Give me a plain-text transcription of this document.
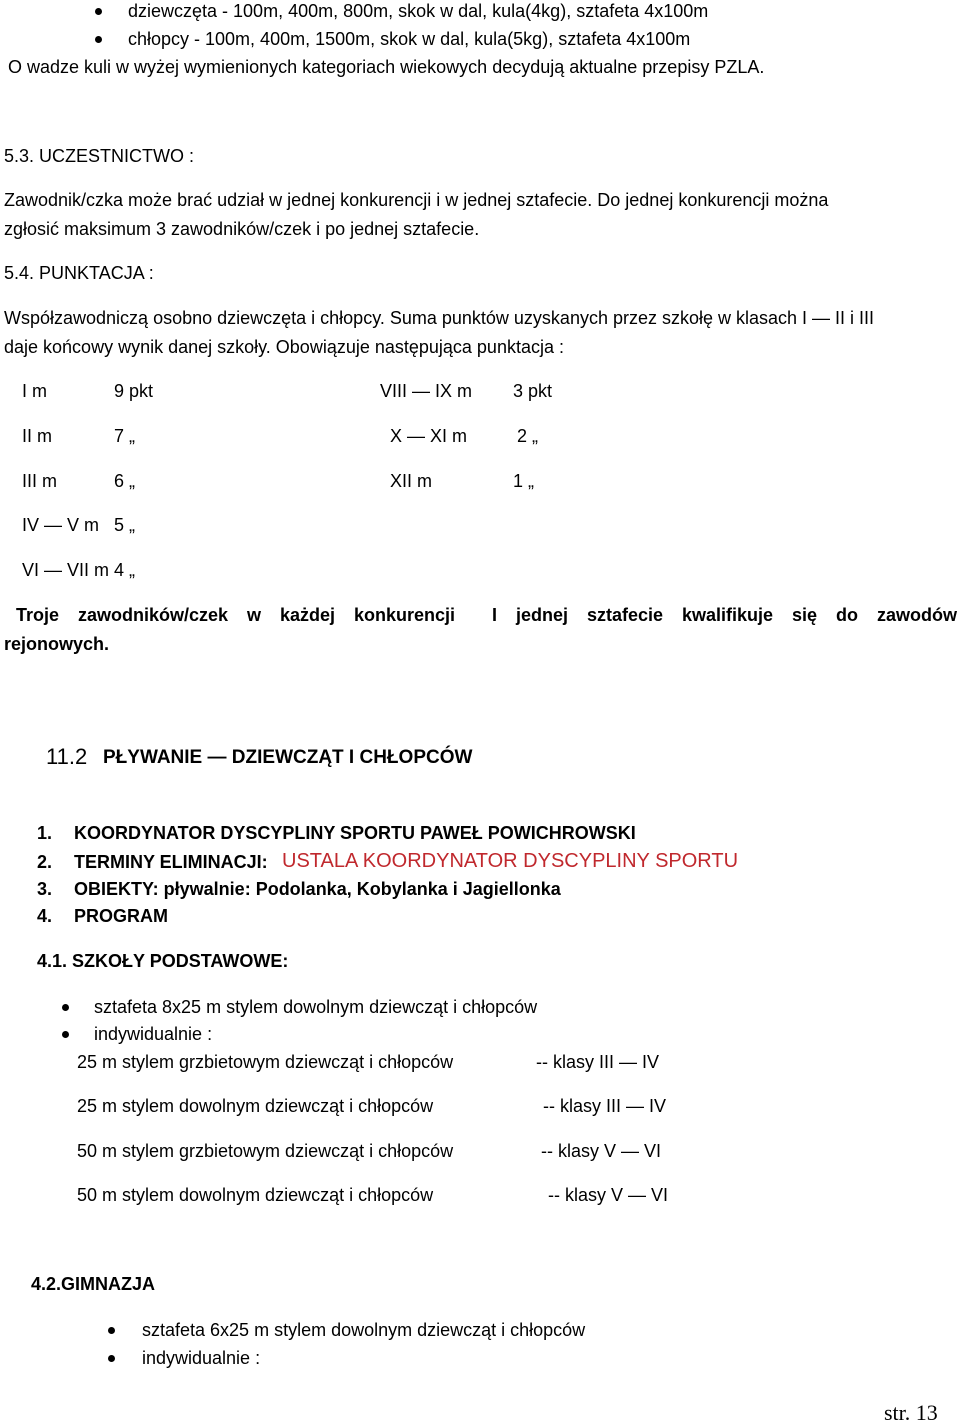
dziewczęta - 100m, 400m, 800m, skok w dal, kula(4kg), sztafeta 4x100m
chłopcy - 100m, 400m, 1500m, skok w dal, kula(5kg), sztafeta 4x100m
O wadze kuli w wyżej wymienionych kategoriach wiekowych decydują aktualne przepisy PZLA.
5.3. UCZESTNICTWO :
Zawodnik/czka może brać udział w jednej konkurencji i w jednej sztafecie. Do jednej konkurencji można
zgłosić maksimum 3 zawodników/czek i po jednej sztafecie.
5.4. PUNKTACJA :
Współzawodniczą osobno dziewczęta i chłopcy. Suma punktów uzyskanych przez szkołę w klasach I — II i III
daje końcowy wynik danej szkoły. Obowiązuje następująca punktacja :
I m	9 pkt	VIII — IX m 3 pkt
II m	7 „	X — XI m	2 „
III m	6 „	XII m	1 „
IV — V m 5 „
VI — VII m 4 „
Troje zawodników/czek w każdej konkurencji I jednej sztafecie kwalifikuje się do zawodów
rejonowych.
11.2 PŁYWANIE — DZIEWCZĄT I CHŁOPCÓW
1. KOORDYNATOR DYSCYPLINY SPORTU PAWEŁ POWICHROWSKI
2. TERMINY ELIMINACJI: USTALA KOORDYNATOR DYSCYPLINY SPORTU
3. OBIEKTY: pływalnie: Podolanka, Kobylanka i Jagiellonka
4. PROGRAM
4.1. SZKOŁY PODSTAWOWE:
sztafeta 8x25 m stylem dowolnym dziewcząt i chłopców
indywidualnie :
25 m stylem grzbietowym dziewcząt i chłopców	-- klasy III — IV
25 m stylem dowolnym dziewcząt i chłopców	-- klasy III — IV
50 m stylem grzbietowym dziewcząt i chłopców	-- klasy V — VI
50 m stylem dowolnym dziewcząt i chłopców	-- klasy V — VI
4.2.GIMNAZJA
sztafeta 6x25 m stylem dowolnym dziewcząt i chłopców
indywidualnie :
str. 13
